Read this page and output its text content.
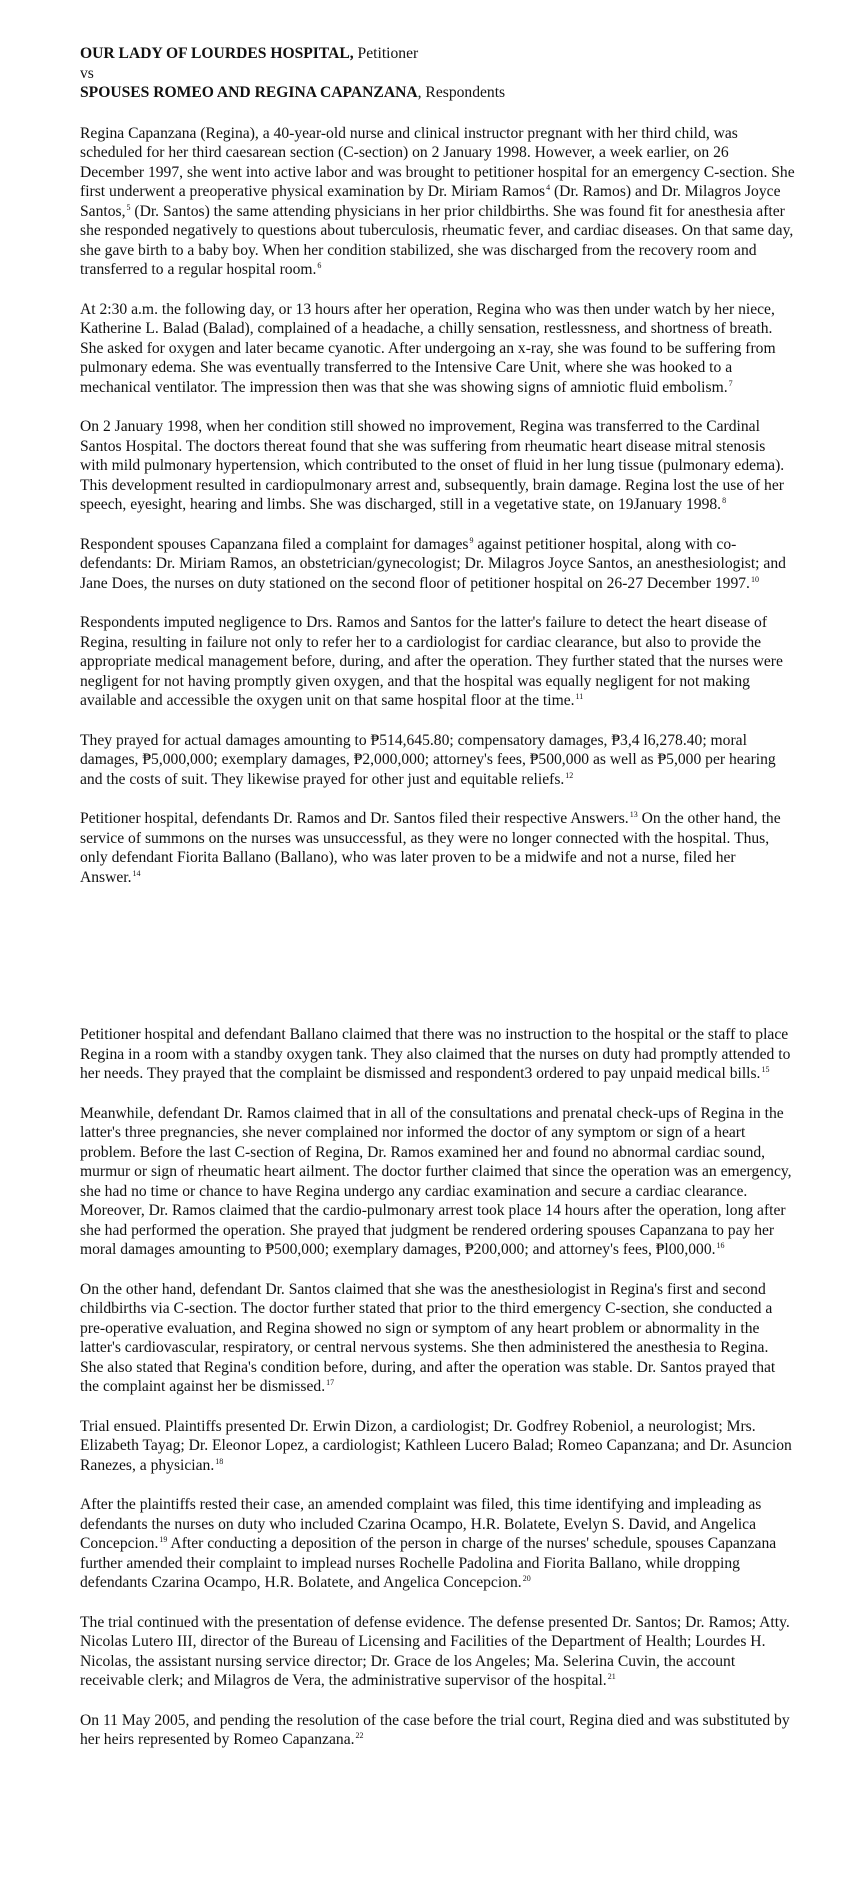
OUR LADY OF LOURDES HOSPITAL, Petitioner
vs
SPOUSES ROMEO AND REGINA CAPANZANA, Respondents

Regina Capanzana (Regina), a 40-year-old nurse and clinical instructor pregnant with her third child, was scheduled for her third caesarean section (C-section) on 2 January 1998. However, a week earlier, on 26 December 1997, she went into active labor and was brought to petitioner hospital for an emergency C-section. She first underwent a preoperative physical examination by Dr. Miriam Ramos$^4$ (Dr. Ramos) and Dr. Milagros Joyce Santos,$^5$ (Dr. Santos) the same attending physicians in her prior childbirths. She was found fit for anesthesia after she responded negatively to questions about tuberculosis, rheumatic fever, and cardiac diseases. On that same day, she gave birth to a baby boy. When her condition stabilized, she was discharged from the recovery room and transferred to a regular hospital room.$^6$

At 2:30 a.m. the following day, or 13 hours after her operation, Regina who was then under watch by her niece, Katherine L. Balad (Balad), complained of a headache, a chilly sensation, restlessness, and shortness of breath. She asked for oxygen and later became cyanotic. After undergoing an x-ray, she was found to be suffering from pulmonary edema. She was eventually transferred to the Intensive Care Unit, where she was hooked to a mechanical ventilator. The impression then was that she was showing signs of amniotic fluid embolism.$^7$

On 2 January 1998, when her condition still showed no improvement, Regina was transferred to the Cardinal Santos Hospital. The doctors thereat found that she was suffering from rheumatic heart disease mitral stenosis with mild pulmonary hypertension, which contributed to the onset of fluid in her lung tissue (pulmonary edema). This development resulted in cardiopulmonary arrest and, subsequently, brain damage. Regina lost the use of her speech, eyesight, hearing and limbs. She was discharged, still in a vegetative state, on 19January 1998.$^8$

Respondent spouses Capanzana filed a complaint for damages$^9$ against petitioner hospital, along with co-defendants: Dr. Miriam Ramos, an obstetrician/gynecologist; Dr. Milagros Joyce Santos, an anesthesiologist; and Jane Does, the nurses on duty stationed on the second floor of petitioner hospital on 26-27 December 1997.10

Respondents imputed negligence to Drs. Ramos and Santos for the latter's failure to detect the heart disease of Regina, resulting in failure not only to refer her to a cardiologist for cardiac clearance, but also to provide the appropriate medical management before, during, and after the operation. They further stated that the nurses were negligent for not having promptly given oxygen, and that the hospital was equally negligent for not making available and accessible the oxygen unit on that same hospital floor at the time.$^{11}$

They prayed for actual damages amounting to ₱514,645.80; compensatory damages, ₱3,4 l6,278.40; moral damages, ₱5,000,000; exemplary damages, ₱2,000,000; attorney's fees, ₱500,000 as well as ₱5,000 per hearing and the costs of suit. They likewise prayed for other just and equitable reliefs.$^{12}$

Petitioner hospital, defendants Dr. Ramos and Dr. Santos filed their respective Answers.$^{13}$ On the other hand, the service of summons on the nurses was unsuccessful, as they were no longer connected with the hospital. Thus, only defendant Fiorita Ballano (Ballano), who was later proven to be a midwife and not a nurse, filed her Answer.$^{14}$

Petitioner hospital and defendant Ballano claimed that there was no instruction to the hospital or the staff to place Regina in a room with a standby oxygen tank. They also claimed that the nurses on duty had promptly attended to her needs. They prayed that the complaint be dismissed and respondent3 ordered to pay unpaid medical bills.$^{15}$

Meanwhile, defendant Dr. Ramos claimed that in all of the consultations and prenatal check-ups of Regina in the latter's three pregnancies, she never complained nor informed the doctor of any symptom or sign of a heart problem. Before the last C-section of Regina, Dr. Ramos examined her and found no abnormal cardiac sound, murmur or sign of rheumatic heart ailment. The doctor further claimed that since the operation was an emergency, she had no time or chance to have Regina undergo any cardiac examination and secure a cardiac clearance. Moreover, Dr. Ramos claimed that the cardio-pulmonary arrest took place 14 hours after the operation, long after she had performed the operation. She prayed that judgment be rendered ordering spouses Capanzana to pay her moral damages amounting to ₱500,000; exemplary damages, ₱200,000; and attorney's fees, ₱l00,000.16

On the other hand, defendant Dr. Santos claimed that she was the anesthesiologist in Regina's first and second childbirths via C-section. The doctor further stated that prior to the third emergency C-section, she conducted a pre-operative evaluation, and Regina showed no sign or symptom of any heart problem or abnormality in the latter's cardiovascular, respiratory, or central nervous systems. She then administered the anesthesia to Regina. She also stated that Regina's condition before, during, and after the operation was stable. Dr. Santos prayed that the complaint against her be dismissed.$^{17}$

Trial ensued. Plaintiffs presented Dr. Erwin Dizon, a cardiologist; Dr. Godfrey Robeniol, a neurologist; Mrs. Elizabeth Tayag; Dr. Eleonor Lopez, a cardiologist; Kathleen Lucero Balad; Romeo Capanzana; and Dr. Asuncion Ranezes, a physician.$^{18}$

After the plaintiffs rested their case, an amended complaint was filed, this time identifying and impleading as defendants the nurses on duty who included Czarina Ocampo, H.R. Bolatete, Evelyn S. David, and Angelica Concepcion.$^{19}$ After conducting a deposition of the person in charge of the nurses' schedule, spouses Capanzana further amended their complaint to implead nurses Rochelle Padolina and Fiorita Ballano, while dropping defendants Czarina Ocampo, H.R. Bolatete, and Angelica Concepcion.$^{20}$

The trial continued with the presentation of defense evidence. The defense presented Dr. Santos; Dr. Ramos; Atty. Nicolas Lutero III, director of the Bureau of Licensing and Facilities of the Department of Health; Lourdes H. Nicolas, the assistant nursing service director; Dr. Grace de los Angeles; Ma. Selerina Cuvin, the account receivable clerk; and Milagros de Vera, the administrative supervisor of the hospital.$^{21}$

On 11 May 2005, and pending the resolution of the case before the trial court, Regina died and was substituted by her heirs represented by Romeo Capanzana.$^{22}$
